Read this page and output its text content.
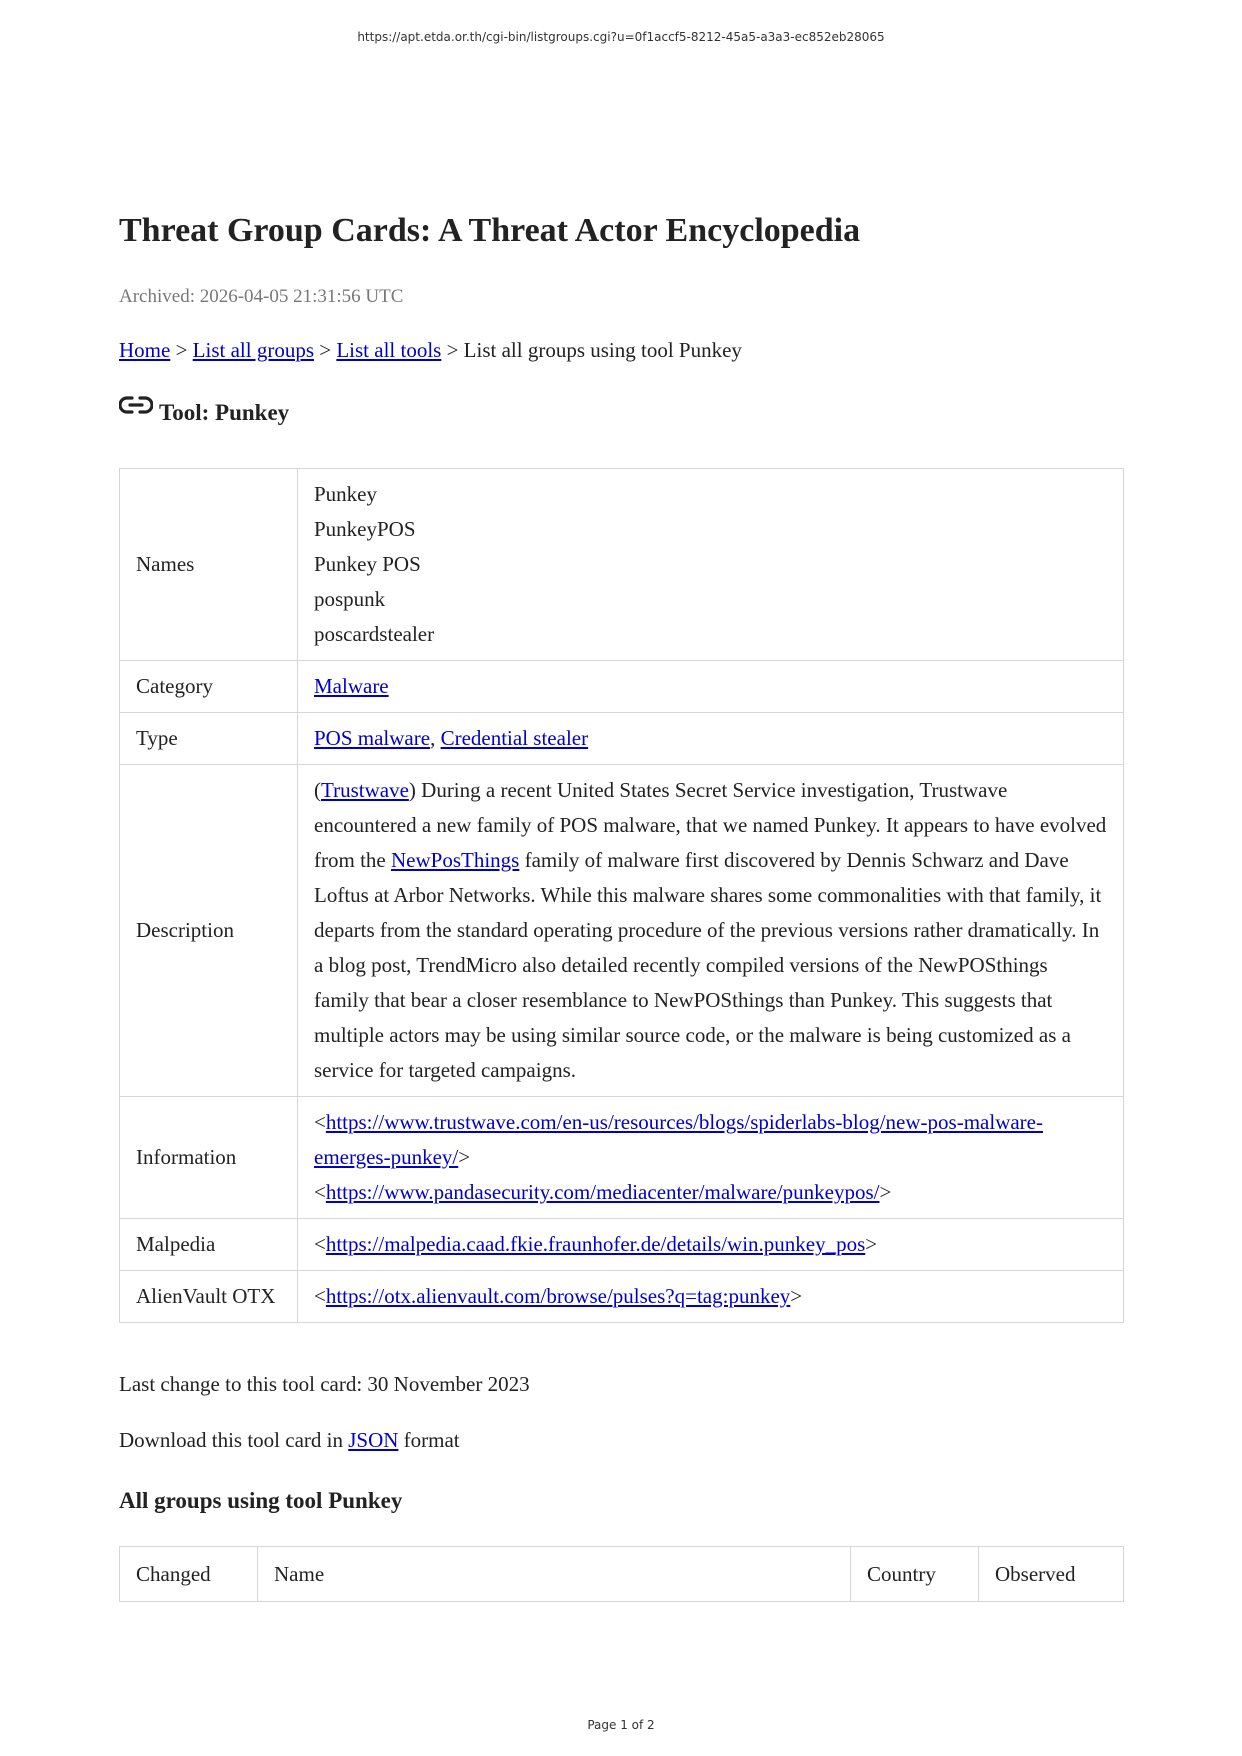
https://apt.etda.or.th/cgi-bin/listgroups.cgi?u=0f1accf5-8212-45a5-a3a3-ec852eb28065
Threat Group Cards: A Threat Actor Encyclopedia
Archived: 2026-04-05 21:31:56 UTC
Home > List all groups > List all tools > List all groups using tool Punkey
Tool: Punkey
Names	Punkey
PunkeyPOS
Punkey POS
pospunk
poscardstealer

Category	Malware
Type	POS malware, Credential stealer
Description	(Trustwave) During a recent United States Secret Service investigation, Trustwave encountered a new family of POS malware, that we named Punkey. It appears to have evolved from the NewPosThings family of malware first discovered by Dennis Schwarz and Dave Loftus at Arbor Networks. While this malware shares some commonalities with that family, it departs from the standard operating procedure of the previous versions rather dramatically. In a blog post, TrendMicro also detailed recently compiled versions of the NewPOSthings family that bear a closer resemblance to NewPOSthings than Punkey. This suggests that multiple actors may be using similar source code, or the malware is being customized as a service for targeted campaigns.
Information	<https://www.trustwave.com/en-us/resources/blogs/spiderlabs-blog/new-pos-malware-emerges-punkey/>
<https://www.pandasecurity.com/mediacenter/malware/punkeypos/>

Malpedia	<https://malpedia.caad.fkie.fraunhofer.de/details/win.punkey_pos>
AlienVault OTX	<https://otx.alienvault.com/browse/pulses?q=tag:punkey>
Last change to this tool card: 30 November 2023
Download this tool card in JSON format
All groups using tool Punkey
Changed	Name	Country	Observed
Page 1 of 2
